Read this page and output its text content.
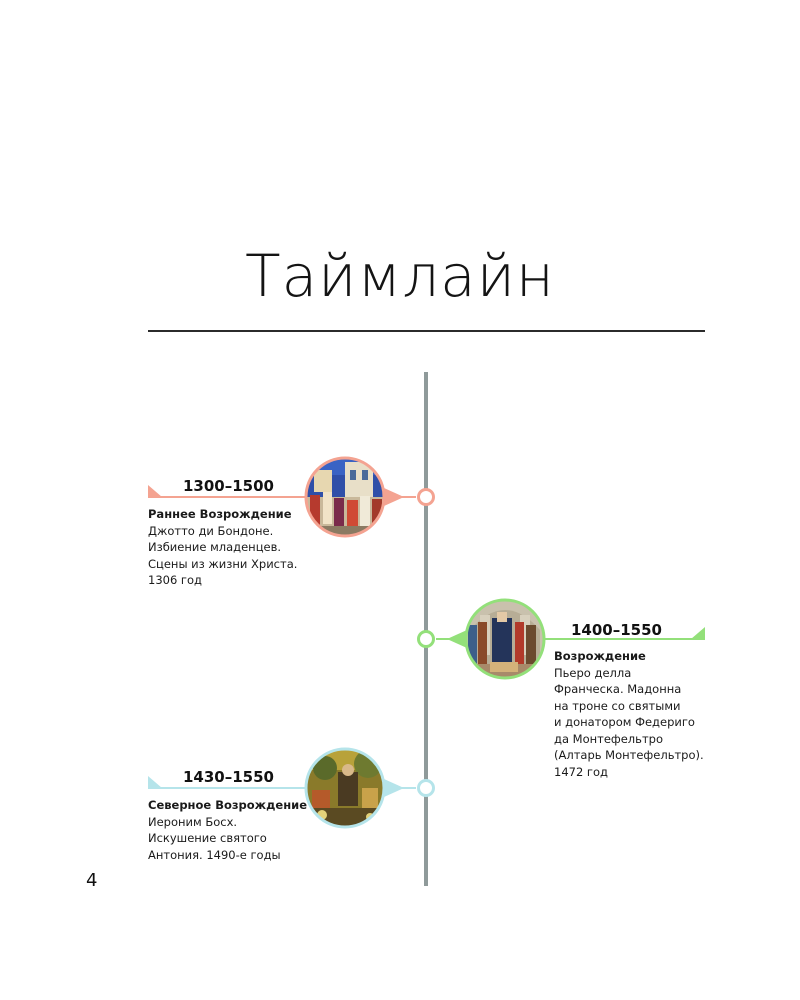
Таймлайн
1300–1500
Раннее Возрождение
Джотто ди Бондоне.
Избиение младенцев.
Сцены из жизни Христа.
1306 год
1400–1550
Возрождение
Пьеро делла
Франческа. Мадонна
на троне со святыми
и донатором Федериго
да Монтефельтро
(Алтарь Монтефельтро).
1472 год
1430–1550
Северное Возрождение
Иероним Босх.
Искушение святого
Антония. 1490-е годы
4
